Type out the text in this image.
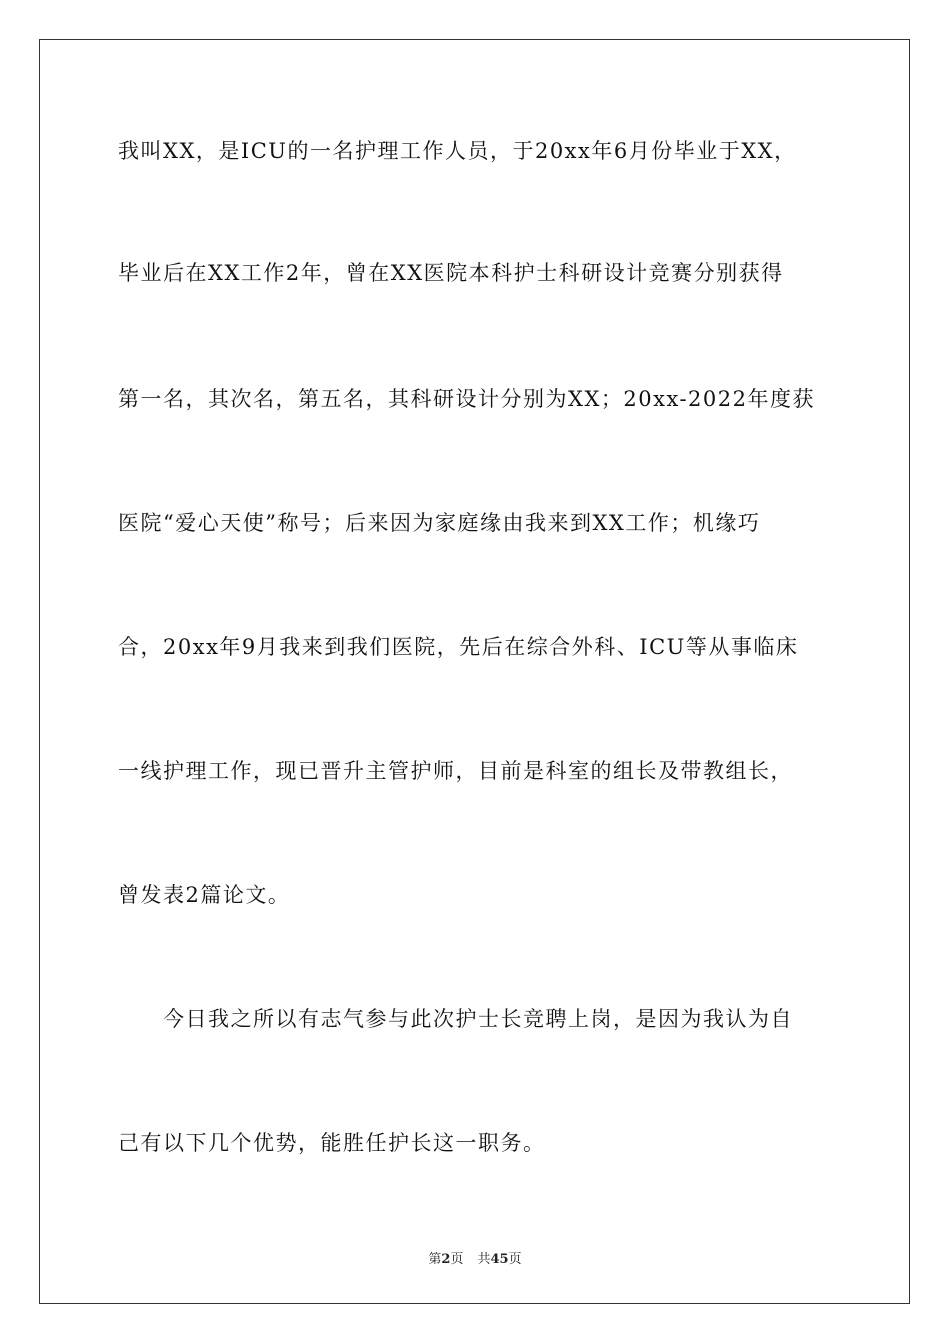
我叫XX，是ICU的一名护理工作人员，于20xx年6月份毕业于XX，
毕业后在XX工作2年，曾在XX医院本科护士科研设计竞赛分别获得
第一名，其次名，第五名，其科研设计分别为XX；20xx-2022年度获
医院“爱心天使”称号；后来因为家庭缘由我来到XX工作；机缘巧
合，20xx年9月我来到我们医院，先后在综合外科、ICU等从事临床
一线护理工作，现已晋升主管护师，目前是科室的组长及带教组长，
曾发表2篇论文。
　　今日我之所以有志气参与此次护士长竞聘上岗，是因为我认为自
己有以下几个优势，能胜任护长这一职务。
第2页 共45页
